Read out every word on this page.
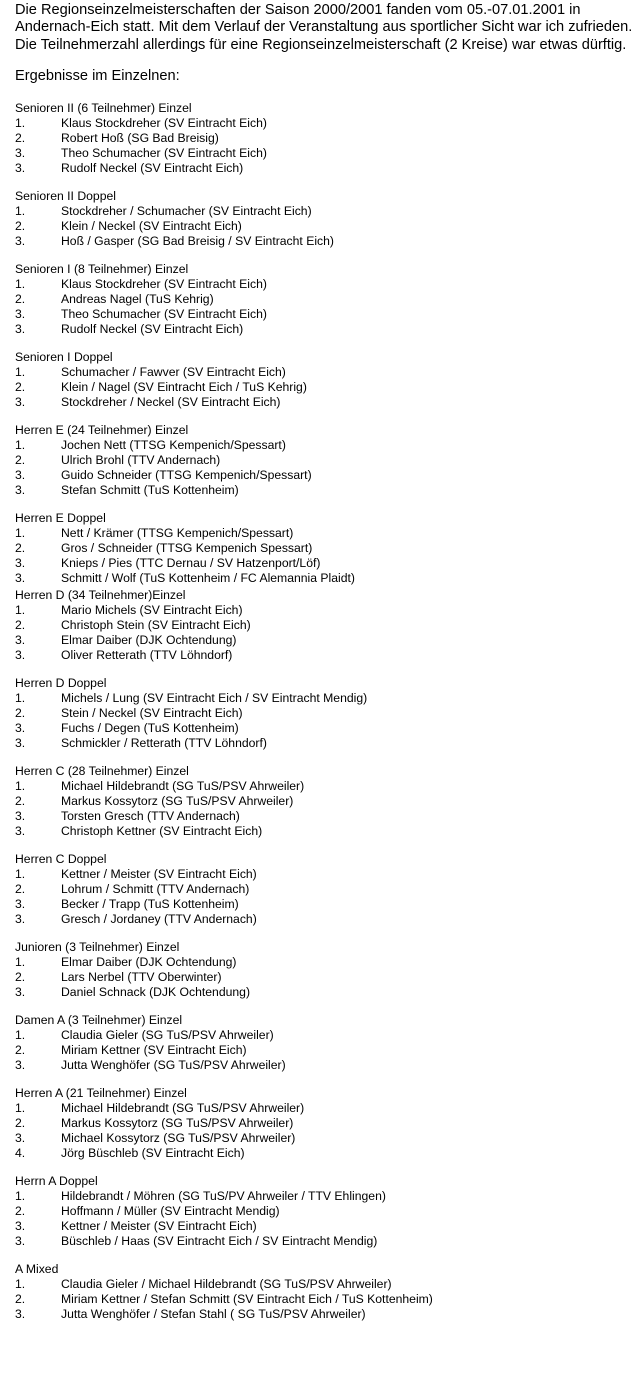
Die Regionseinzelmeisterschaften der Saison 2000/2001 fanden vom 05.-07.01.2001 in Andernach-Eich statt. Mit dem Verlauf der Veranstaltung aus sportlicher Sicht war ich zufrieden. Die Teilnehmerzahl allerdings für eine Regionseinzelmeisterschaft (2 Kreise) war etwas dürftig.

Ergebnisse im Einzelnen:
Senioren II (6 Teilnehmer) Einzel
1.	Klaus Stockdreher (SV Eintracht Eich)
2.	Robert Hoß (SG Bad Breisig)
3.	Theo Schumacher (SV Eintracht Eich)
3.	Rudolf Neckel (SV Eintracht Eich)
Senioren II Doppel
1.	Stockdreher / Schumacher (SV Eintracht Eich)
2.	Klein / Neckel (SV Eintracht Eich)
3.	Hoß / Gasper (SG Bad Breisig / SV Eintracht Eich)
Senioren I (8 Teilnehmer) Einzel
1.	Klaus Stockdreher (SV Eintracht Eich)
2.	Andreas Nagel (TuS Kehrig)
3.	Theo Schumacher (SV Eintracht Eich)
3.	Rudolf Neckel (SV Eintracht Eich)
Senioren I Doppel
1.	Schumacher / Fawver (SV Eintracht Eich)
2.	Klein / Nagel (SV Eintracht Eich / TuS Kehrig)
3.	Stockdreher / Neckel (SV Eintracht Eich)
Herren E (24 Teilnehmer) Einzel
1.	Jochen Nett (TTSG Kempenich/Spessart)
2.	Ulrich Brohl (TTV Andernach)
3.	Guido Schneider (TTSG Kempenich/Spessart)
3.	Stefan Schmitt (TuS Kottenheim)
Herren E Doppel
1.	Nett / Krämer (TTSG Kempenich/Spessart)
2.	Gros / Schneider (TTSG Kempenich Spessart)
3.	Knieps / Pies (TTC Dernau / SV Hatzenport/Löf)
3.	Schmitt / Wolf (TuS Kottenheim / FC Alemannia Plaidt)
Herren D (34 Teilnehmer)Einzel
1.	Mario Michels (SV Eintracht Eich)
2.	Christoph Stein (SV Eintracht Eich)
3.	Elmar Daiber (DJK Ochtendung)
3.	Oliver Retterath (TTV Löhndorf)
Herren D Doppel
1.	Michels / Lung (SV Eintracht Eich / SV Eintracht Mendig)
2.	Stein / Neckel (SV Eintracht Eich)
3.	Fuchs / Degen (TuS Kottenheim)
3.	Schmickler / Retterath (TTV Löhndorf)
Herren C (28 Teilnehmer) Einzel
1.	Michael Hildebrandt (SG TuS/PSV Ahrweiler)
2.	Markus Kossytorz (SG TuS/PSV Ahrweiler)
3.	Torsten Gresch (TTV Andernach)
3.	Christoph Kettner (SV Eintracht Eich)
Herren C Doppel
1.	Kettner / Meister (SV Eintracht Eich)
2.	Lohrum / Schmitt (TTV Andernach)
3.	Becker / Trapp (TuS Kottenheim)
3.	Gresch / Jordaney (TTV Andernach)
Junioren (3 Teilnehmer) Einzel
1.	Elmar Daiber (DJK Ochtendung)
2.	Lars Nerbel (TTV Oberwinter)
3.	Daniel Schnack (DJK Ochtendung)
Damen A (3 Teilnehmer) Einzel
1.	Claudia Gieler (SG TuS/PSV Ahrweiler)
2.	Miriam Kettner (SV Eintracht Eich)
3.	Jutta Wenghöfer (SG TuS/PSV Ahrweiler)
Herren A (21 Teilnehmer) Einzel
1.	Michael Hildebrandt (SG TuS/PSV Ahrweiler)
2.	Markus Kossytorz (SG TuS/PSV Ahrweiler)
3.	Michael Kossytorz (SG TuS/PSV Ahrweiler)
4.	Jörg Büschleb (SV Eintracht Eich)
Herrn A Doppel
1.	Hildebrandt / Möhren (SG TuS/PV Ahrweiler / TTV Ehlingen)
2.	Hoffmann / Müller (SV Eintracht Mendig)
3.	Kettner / Meister (SV Eintracht Eich)
3.	Büschleb / Haas (SV Eintracht Eich / SV Eintracht Mendig)
A Mixed
1.	Claudia Gieler / Michael Hildebrandt (SG TuS/PSV Ahrweiler)
2.	Miriam Kettner / Stefan Schmitt (SV Eintracht Eich / TuS Kottenheim)
3.	Jutta Wenghöfer / Stefan Stahl ( SG TuS/PSV Ahrweiler)
